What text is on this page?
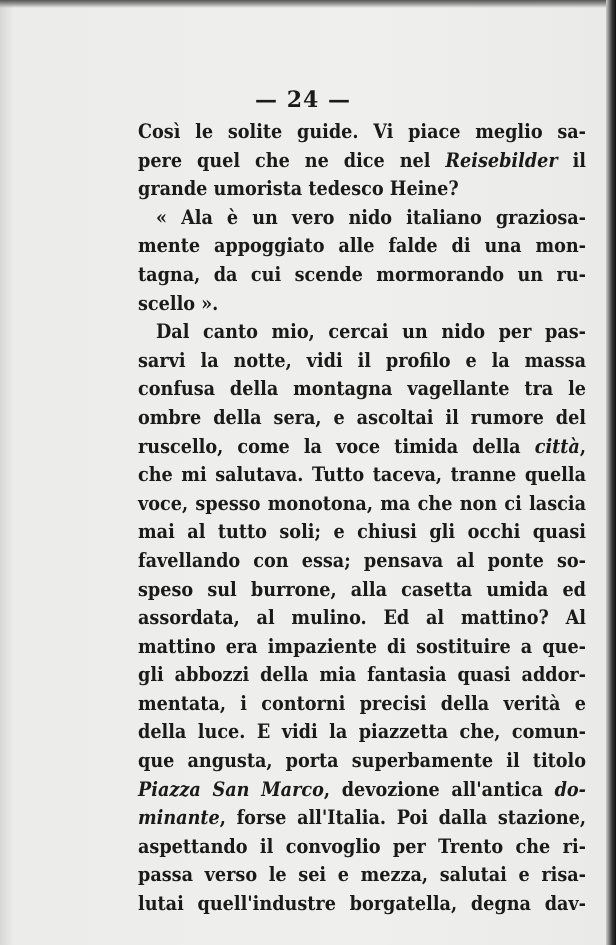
— 24 —
Così le solite guide. Vi piace meglio sa-
pere quel che ne dice nel Reisebilder il
grande umorista tedesco Heine?
« Ala è un vero nido italiano graziosa-
mente appoggiato alle falde di una mon-
tagna, da cui scende mormorando un ru-
scello ».
Dal canto mio, cercai un nido per pas-
sarvi la notte, vidi il profilo e la massa
confusa della montagna vagellante tra le
ombre della sera, e ascoltai il rumore del
ruscello, come la voce timida della città,
che mi salutava. Tutto taceva, tranne quella
voce, spesso monotona, ma che non ci lascia
mai al tutto soli; e chiusi gli occhi quasi
favellando con essa; pensava al ponte so-
speso sul burrone, alla casetta umida ed
assordata, al mulino. Ed al mattino? Al
mattino era impaziente di sostituire a que-
gli abbozzi della mia fantasia quasi addor-
mentata, i contorni precisi della verità e
della luce. E vidi la piazzetta che, comun-
que angusta, porta superbamente il titolo
Piazza San Marco, devozione all'antica do-
minante, forse all'Italia. Poi dalla stazione,
aspettando il convoglio per Trento che ri-
passa verso le sei e mezza, salutai e risa-
lutai quell'industre borgatella, degna dav-
